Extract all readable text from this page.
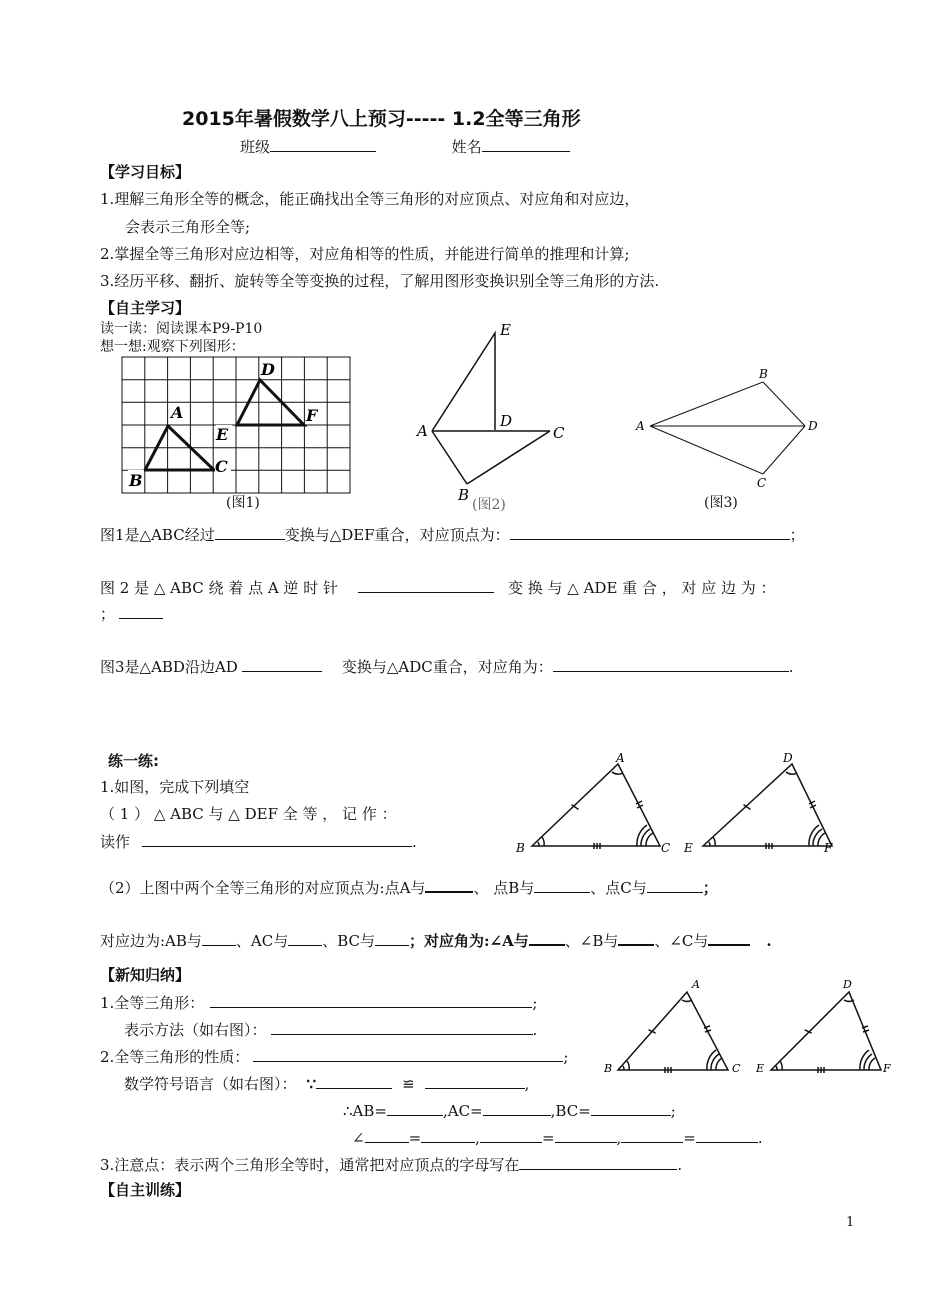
2015年暑假数学八上预习----- 1.2全等三角形
班级	姓名
【学习目标】
1.理解三角形全等的概念，能正确找出全等三角形的对应顶点、对应角和对应边，
会表示三角形全等;
2.掌握全等三角形对应边相等，对应角相等的性质，并能进行简单的推理和计算;
3.经历平移、翻折、旋转等全等变换的过程，了解用图形变换识别全等三角形的方法.
【自主学习】
读一读：阅读课本P9-P10
想一想:观察下列图形：
B
A
C
E
D
F
(图1)
E
A
D
C
B
(图2)
A
B
D
C
(图3)
图1是△ABC经过	变换与△DEF重合，对应顶点为：	；
图 2 是 △ ABC 绕 着 点 A 逆 时 针	变 换 与 △ ADE 重 合 ， 对 应 边 为 ：
；
图3是△ABD沿边AD	变换与△ADC重合，对应角为：	.
练一练:
1.如图，完成下列填空
（ 1 ） △ ABC 与 △ DEF 全 等 ， 记 作 ：
读作	.	B
A
C E
D
F
（2）上图中两个全等三角形的对应顶点为:点A与	、 点B与	、点C与	；
对应边为:AB与 、AC与 、BC与 ；对应角为:∠A与 、∠B与 、∠C与	.
【新知归纳】
1.全等三角形：	;
表示方法（如右图）：	.
2.全等三角形的性质：	;
数学符号语言（如右图）： ∵	≌	,
∴AB=	,AC=	,BC=	;
∠	=	,	=	,	=	.
3.注意点：表示两个三角形全等时，通常把对应顶点的字母写在	.
B
A
C E
D
F
【自主训练】
1
